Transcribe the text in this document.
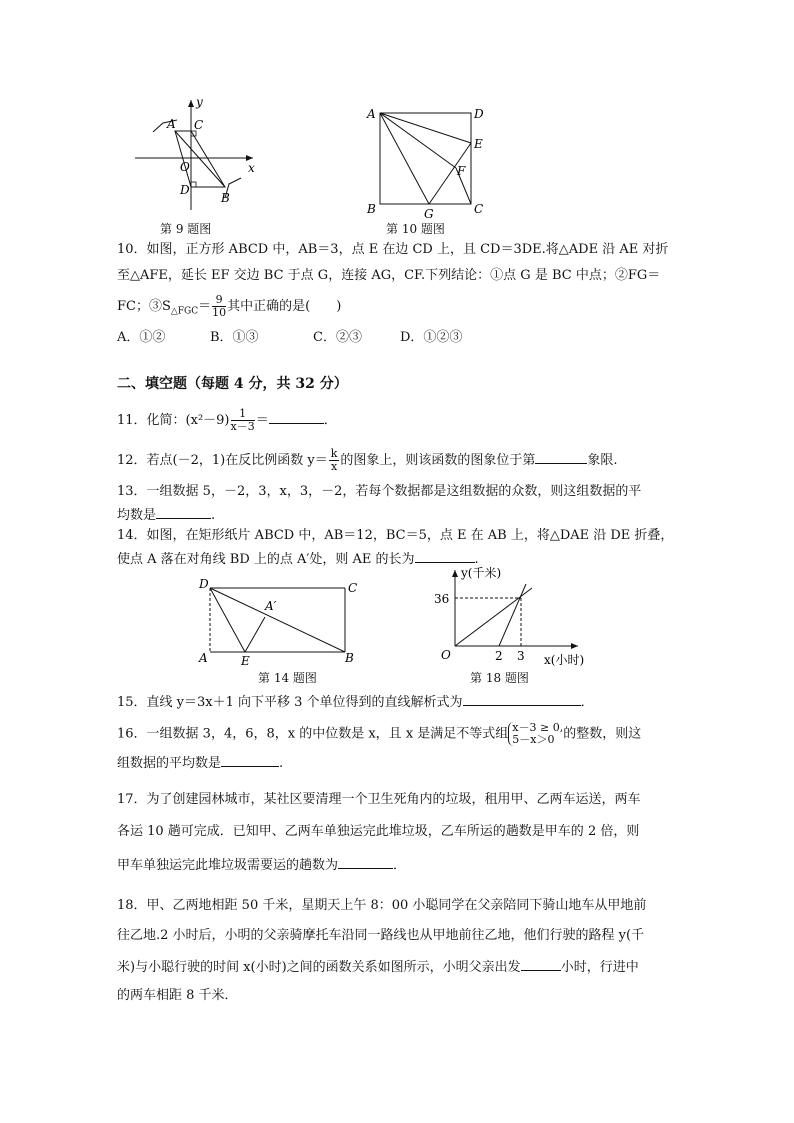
y
x
A C
O
D
B
第 9 题图
A	D
E
F
B	G	C
第 10 题图
10．如图，正方形 ABCD 中，AB＝3，点 E 在边 CD 上，且 CD＝3DE.将△ADE 沿 AE 对折
至△AFE，延长 EF 交边 BC 于点 G，连接 AG，CF.下列结论：①点 G 是 BC 中点；②FG＝
FC；$③S_{\triangle FGC}= \frac{9}{10}$ 其中正确的是(　　)
A．①②	B．①③	C．②③	D．①②③
二、填空题（每题 4 分，共 32 分）
11．化简：$(x^2-9) \frac{1}{x-3}$ ＝	．
12．若点(－2，1)在反比例函数 $y= \frac{k}{x}$ 的图象上，则该函数的图象位于第	象限.
13．一组数据 5，－2，3，x，3，－2，若每个数据都是这组数据的众数，则这组数据的平
均数是	.
14．如图，在矩形纸片 ABCD 中，AB＝12，BC＝5，点 E 在 AB 上，将△DAE 沿 DE 折叠，
使点 A 落在对角线 BD 上的点 A′处，则 AE 的长为	.
D	C
A′
A	E	B
第 14 题图
y(千米)
36
O	2 3 x(小时)
第 18 题图
15．直线 y＝3x＋1 向下平移 3 个单位得到的直线解析式为	．
16．一组数据 3，4，6，8，x 的中位数是 x，且 x 是满足不等式组 x－3 ≥ 0,
5－x＞0 的整数，则这
组数据的平均数是	.
17．为了创建园林城市，某社区要清理一个卫生死角内的垃圾，租用甲、乙两车运送，两车
各运 10 趟可完成．已知甲、乙两车单独运完此堆垃圾，乙车所运的趟数是甲车的 2 倍，则
甲车单独运完此堆垃圾需要运的趟数为	．
18．甲、乙两地相距 50 千米，星期天上午 8：00 小聪同学在父亲陪同下骑山地车从甲地前
往乙地.2 小时后，小明的父亲骑摩托车沿同一路线也从甲地前往乙地，他们行驶的路程 y(千
米)与小聪行驶的时间 x(小时)之间的函数关系如图所示，小明父亲出发	小时，行进中
的两车相距 8 千米．
